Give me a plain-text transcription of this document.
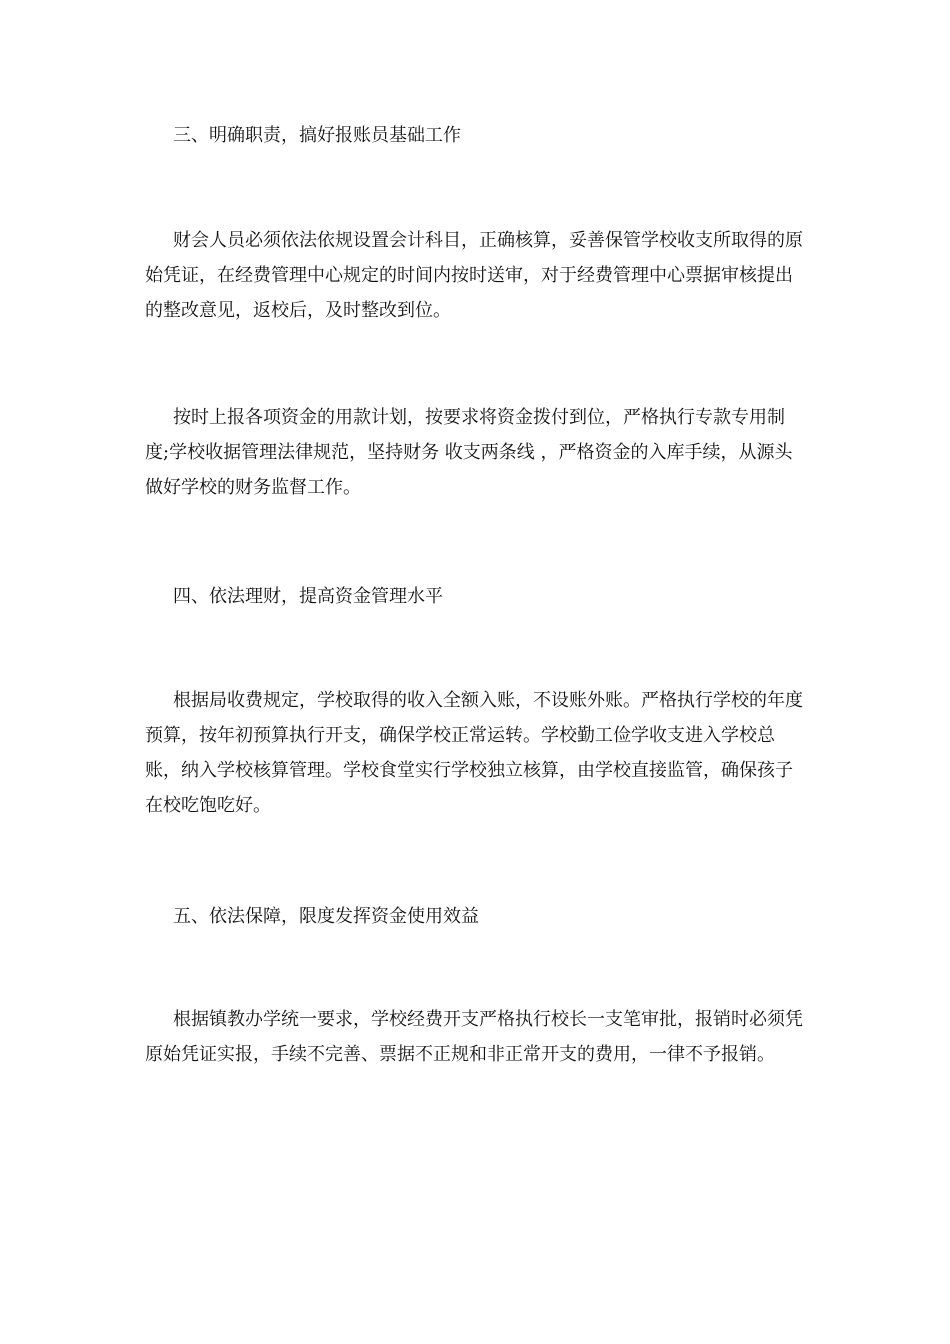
三、明确职责，搞好报账员基础工作

财会人员必须依法依规设置会计科目，正确核算，妥善保管学校收支所取得的原始凭证，在经费管理中心规定的时间内按时送审，对于经费管理中心票据审核提出的整改意见，返校后，及时整改到位。

按时上报各项资金的用款计划，按要求将资金拨付到位，严格执行专款专用制度;学校收据管理法律规范，坚持财务 收支两条线 ，严格资金的入库手续，从源头做好学校的财务监督工作。

四、依法理财，提高资金管理水平

根据局收费规定，学校取得的收入全额入账，不设账外账。严格执行学校的年度预算，按年初预算执行开支，确保学校正常运转。学校勤工俭学收支进入学校总账，纳入学校核算管理。学校食堂实行学校独立核算，由学校直接监管，确保孩子在校吃饱吃好。

五、依法保障，限度发挥资金使用效益

根据镇教办学统一要求，学校经费开支严格执行校长一支笔审批，报销时必须凭原始凭证实报，手续不完善、票据不正规和非正常开支的费用，一律不予报销。
